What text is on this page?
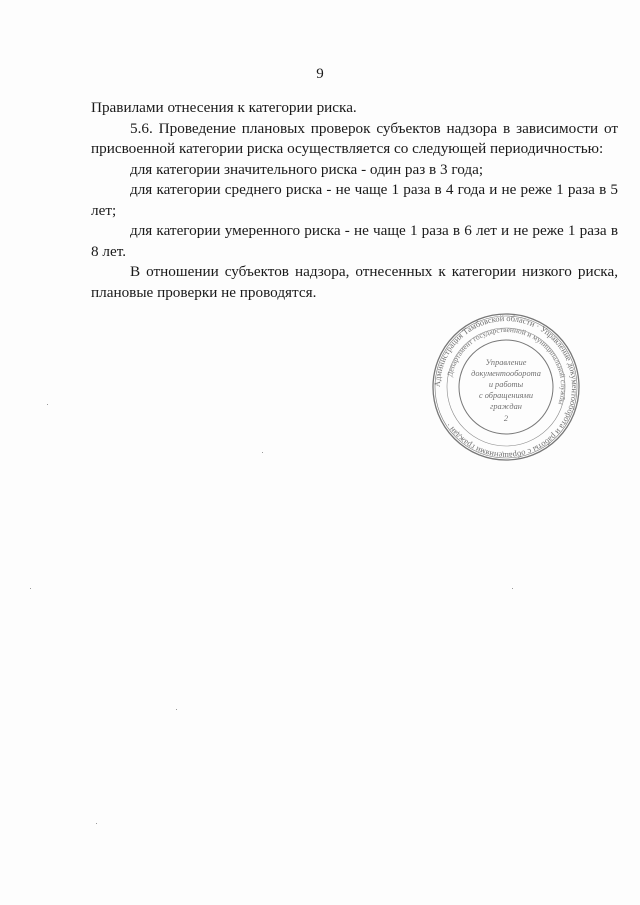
9

Правилами отнесения к категории риска.

5.6. Проведение плановых проверок субъектов надзора в зависимости от присвоенной категории риска осуществляется со следующей периодичностью:

для категории значительного риска - один раз в 3 года;

для категории среднего риска - не чаще 1 раза в 4 года и не реже 1 раза в 5 лет;

для категории умеренного риска - не чаще 1 раза в 6 лет и не реже 1 раза в 8 лет.

В отношении субъектов надзора, отнесенных к категории низкого риска, плановые проверки не проводятся.

Администрация Тамбовской области · Управление документооборота и работы с обращениями граждан ·
Департамент государственной и муниципальной службы
Управление
документооборота
и работы
с обращениями
граждан
2
